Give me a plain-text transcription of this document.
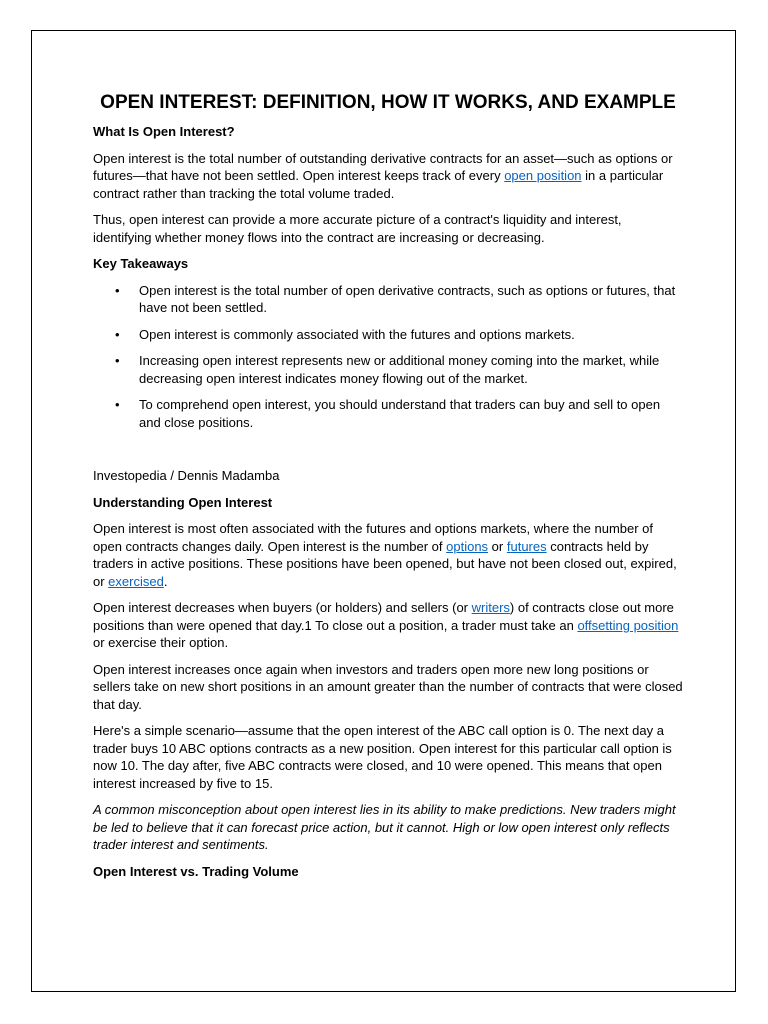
OPEN INTEREST: DEFINITION, HOW IT WORKS, AND EXAMPLE
What Is Open Interest?

Open interest is the total number of outstanding derivative contracts for an asset—such as options or futures—that have not been settled. Open interest keeps track of every open position in a particular contract rather than tracking the total volume traded.

Thus, open interest can provide a more accurate picture of a contract's liquidity and interest, identifying whether money flows into the contract are increasing or decreasing.

Key Takeaways
• Open interest is the total number of open derivative contracts, such as options or futures, that have not been settled.
• Open interest is commonly associated with the futures and options markets.
• Increasing open interest represents new or additional money coming into the market, while decreasing open interest indicates money flowing out of the market.
• To comprehend open interest, you should understand that traders can buy and sell to open and close positions.

Investopedia / Dennis Madamba

Understanding Open Interest

Open interest is most often associated with the futures and options markets, where the number of open contracts changes daily. Open interest is the number of options or futures contracts held by traders in active positions. These positions have been opened, but have not been closed out, expired, or exercised.

Open interest decreases when buyers (or holders) and sellers (or writers) of contracts close out more positions than were opened that day.1 To close out a position, a trader must take an offsetting position or exercise their option.

Open interest increases once again when investors and traders open more new long positions or sellers take on new short positions in an amount greater than the number of contracts that were closed that day.

Here's a simple scenario—assume that the open interest of the ABC call option is 0. The next day a trader buys 10 ABC options contracts as a new position. Open interest for this particular call option is now 10. The day after, five ABC contracts were closed, and 10 were opened. This means that open interest increased by five to 15.

A common misconception about open interest lies in its ability to make predictions. New traders might be led to believe that it can forecast price action, but it cannot. High or low open interest only reflects trader interest and sentiments.

Open Interest vs. Trading Volume
